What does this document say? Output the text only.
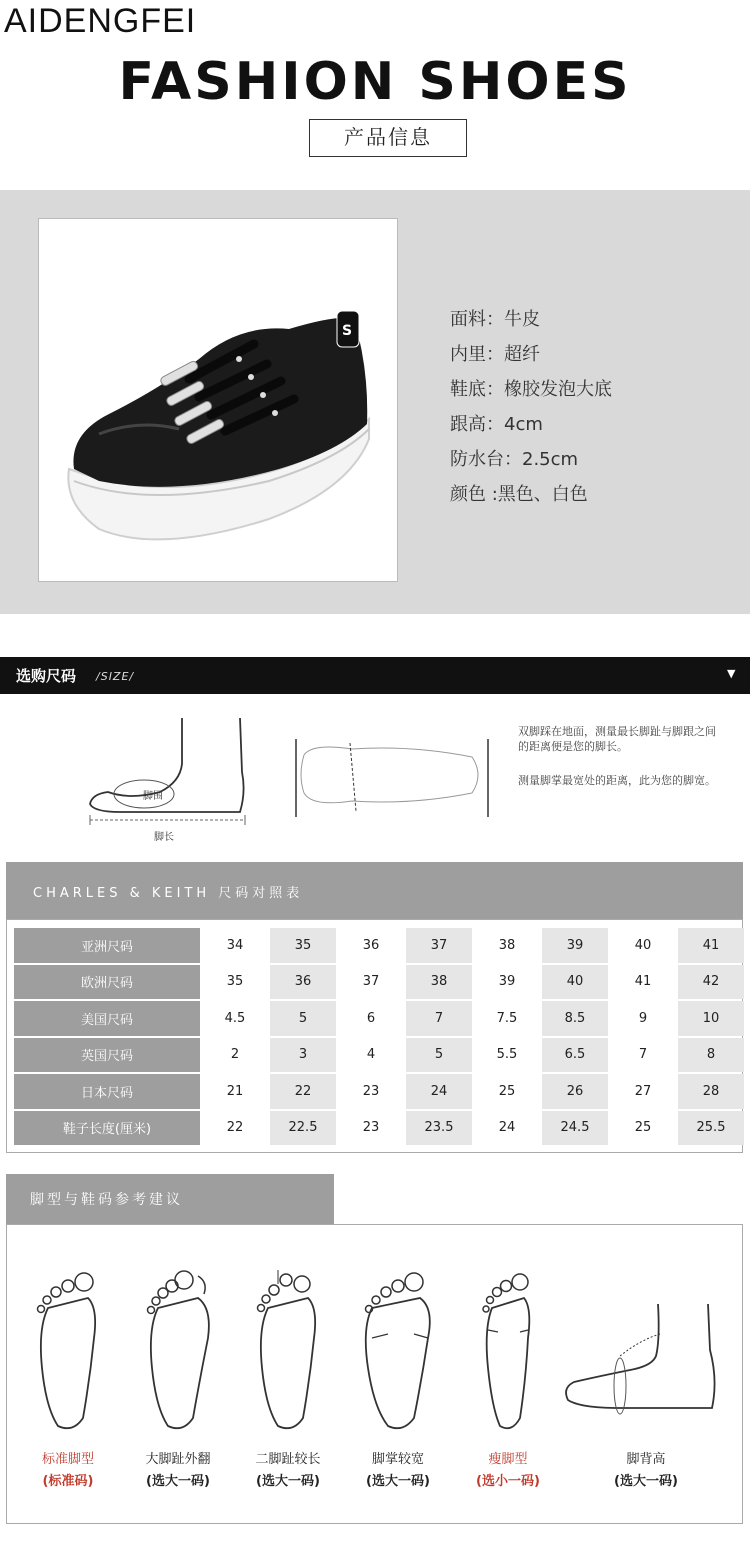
AIDENGFEI
FASHION SHOES
产品信息
S
面料：牛皮
内里：超纤
鞋底：橡胶发泡大底
跟高：4cm
防水台：2.5cm
颜色 :黑色、白色
选购尺码 /SIZE/	▼
脚围
脚长
双脚踩在地面，测量最长脚趾与脚跟之间的距离便是您的脚长。
测量脚掌最宽处的距离，此为您的脚宽。
CHARLES & KEITH 尺码对照表
亚洲尺码	34	35	36	37	38	39	40	41
欧洲尺码	35	36	37	38	39	40	41	42
美国尺码	4.5	5	6	7	7.5	8.5	9	10
英国尺码	2	3	4	5	5.5	6.5	7	8
日本尺码	21	22	23	24	25	26	27	28
鞋子长度(厘米)	22	22.5	23	23.5	24	24.5	25	25.5
脚型与鞋码参考建议
标准脚型
(标准码)
大脚趾外翻
(选大一码)
二脚趾较长
(选大一码)
脚掌较宽
(选大一码)
瘦脚型
(选小一码)
脚背高
(选大一码)
